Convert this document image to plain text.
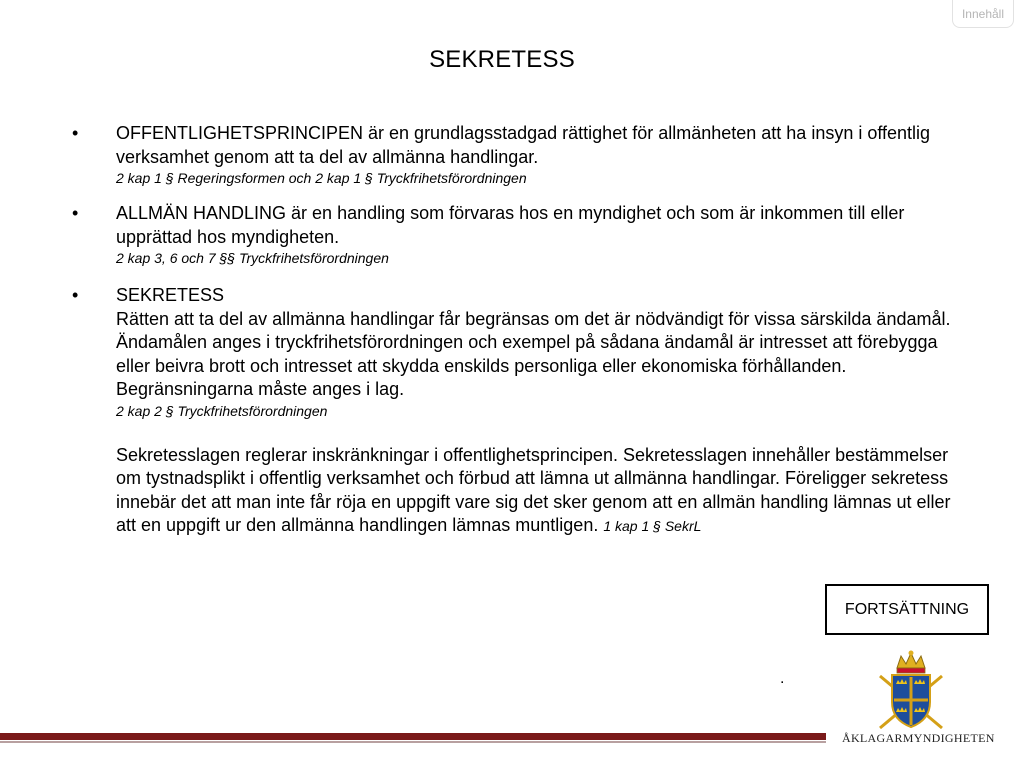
Innehåll
SEKRETESS
• OFFENTLIGHETSPRINCIPEN är en grundlagsstadgad rättighet för allmänheten att ha insyn i offentlig verksamhet genom att ta del av allmänna handlingar.
2 kap 1 § Regeringsformen och 2 kap 1 § Tryckfrihetsförordningen
• ALLMÄN HANDLING är en handling som förvaras hos en myndighet och som är inkommen till eller upprättad hos myndigheten.
2 kap 3, 6 och 7 §§ Tryckfrihetsförordningen
• SEKRETESS
Rätten att ta del av allmänna handlingar får begränsas om det är nödvändigt för vissa särskilda ändamål. Ändamålen anges i tryckfrihetsförordningen och exempel på sådana ändamål är intresset att förebygga eller beivra brott och intresset att skydda enskilds personliga eller ekonomiska förhållanden. Begränsningarna måste anges i lag.
2 kap 2 § Tryckfrihetsförordningen
Sekretesslagen reglerar inskränkningar i offentlighetsprincipen. Sekretesslagen innehåller bestämmelser om tystnadsplikt i offentlig verksamhet och förbud att lämna ut allmänna handlingar. Föreligger sekretess innebär det att man inte får röja en uppgift vare sig det sker genom att en allmän handling lämnas ut eller att en uppgift ur den allmänna handlingen lämnas muntligen. 1 kap 1 § SekrL
FORTSÄTTNING
.
ÅKLAGARMYNDIGHETEN
